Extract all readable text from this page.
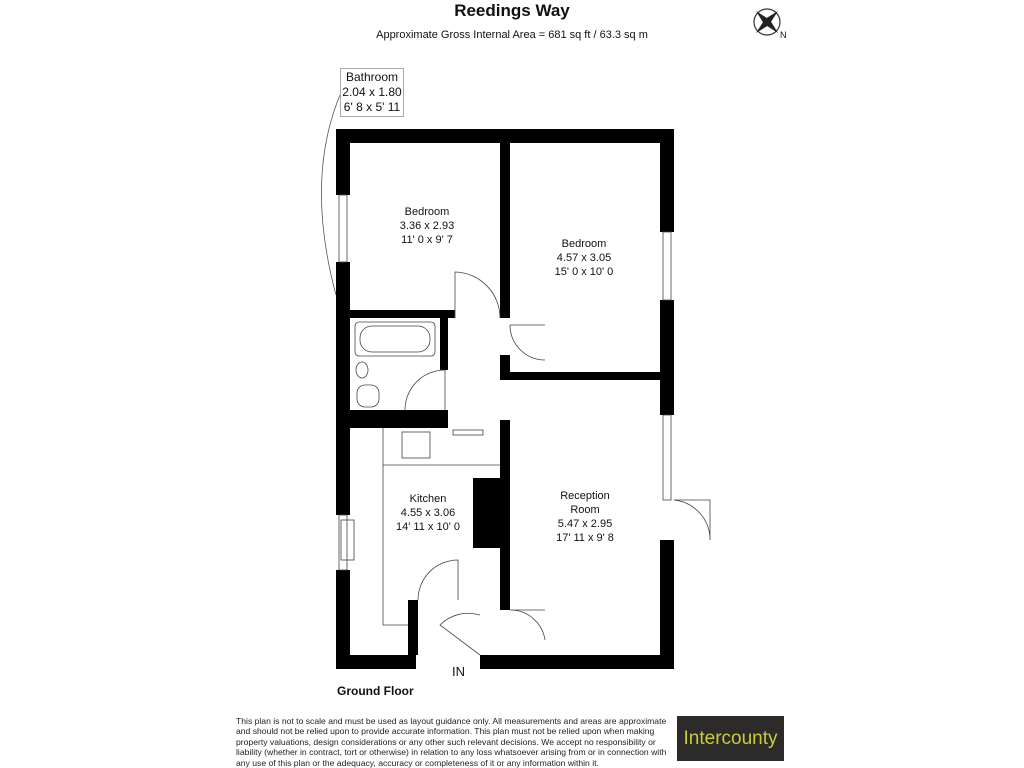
Reedings Way
Approximate Gross Internal Area = 681 sq ft / 63.3 sq m	N
Bathroom
2.04 x 1.80
6' 8 x 5' 11
Bedroom
3.36 x 2.93
11' 0 x 9' 7	Bedroom
4.57 x 3.05
15' 0 x 10' 0
Kitchen
4.55 x 3.06
14' 11 x 10' 0
Reception Room
5.47 x 2.95
17' 11 x 9' 8
IN
Ground Floor
This plan is not to scale and must be used as layout guidance only. All measurements and areas are approximate and should not be relied upon to provide accurate information. This plan must not be relied upon when making property valuations, design considerations or any other such relevant decisions. We accept no responsibility or liability (whether in contract, tort or otherwise) in relation to any loss whatsoever arising from or in connection with any use of this plan or the adequacy, accuracy or completeness of it or any information within it.
Intercounty
